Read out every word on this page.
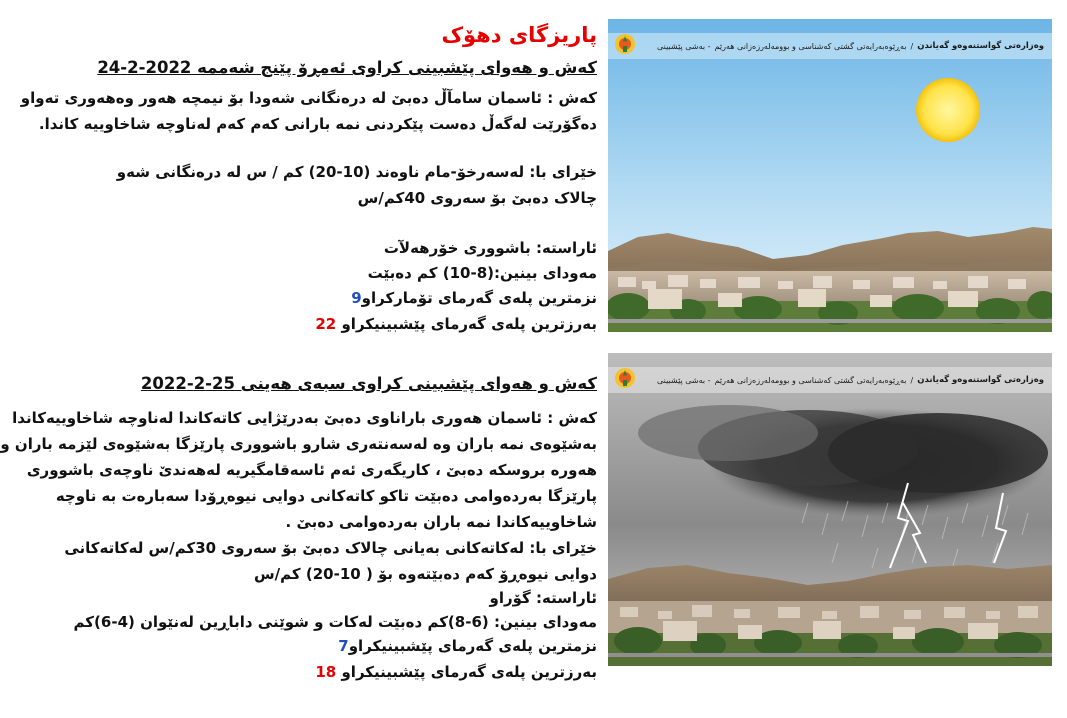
پاریزگای دهۆک
کەش و هەوای پێشبینی کراوی ئەمڕۆ پێنج شەممە 2022-2-24
کەش : ئاسمان سامآڵ دەبێ لە درەنگانی شەودا بۆ نیمچە هەور وەهەوری تەواو
دەگۆرێت لەگەڵ دەست پێکردنی نمە بارانی کەم کەم لەناوچە شاخاوییە کاندا.
خێرای با: لەسەرخۆ-مام ناوەند (10-20) کم / س لە درەنگانی شەو
چالاک دەبێ بۆ سەروی 40کم/س
ئاراستە: باشووری خۆرهەلآت
مەودای بینین:(8-10) کم دەبێت
نزمترین پلەی گەرمای تۆمارکراو9
بەرزترین پلەی گەرمای پێشبینیکراو 22
کەش و هەوای پێشبینی کراوی سبەی هەینی 25-2-2022
کەش : ئاسمان هەوری باراناوی دەبێ بەدرێژایی کاتەکاندا لەناوچە شاخاوییەکاندا
بەشێوەی نمە باران وە لەسەنتەری شارو باشووری پارێزگا بەشێوەی لێزمە باران و
هەورە بروسکە دەبێ ، کاریگەری ئەم ئاسەقامگیریە لەهەندێ ناوچەی باشووری
پارێزگا بەردەوامی دەبێت تاکو کاتەکانی دوایی نیوەڕۆدا سەبارەت بە ناوچە
شاخاوییەکاندا نمە باران بەردەوامی دەبێ .
خێرای با: لەکاتەکانی بەیانی چالاک دەبێ بۆ سەروی 30کم/س لەکاتەکانی
دوایی نیوەڕۆ کەم دەبێتەوە بۆ ( 10-20) کم/س
ئاراستە: گۆراو
مەودای بینین: (6-8)کم دەبێت لەکات و شوێنی داباڕین لەنێوان (4-6)کم
نزمترین پلەی گەرمای پێشبینیکراو7
بەرزترین پلەی گەرمای پێشبینیکراو 18
وەزارەتی گواستنەوەو گەیاندن
/
بەڕێوەبەرایەتی گشتی کەشناسی و بوومەلەرزەزانی هەرێم
- بەشی پێشبینی
وەزارەتی گواستنەوەو گەیاندن
/
بەڕێوەبەرایەتی گشتی کەشناسی و بوومەلەرزەزانی هەرێم
- بەشی پێشبینی
